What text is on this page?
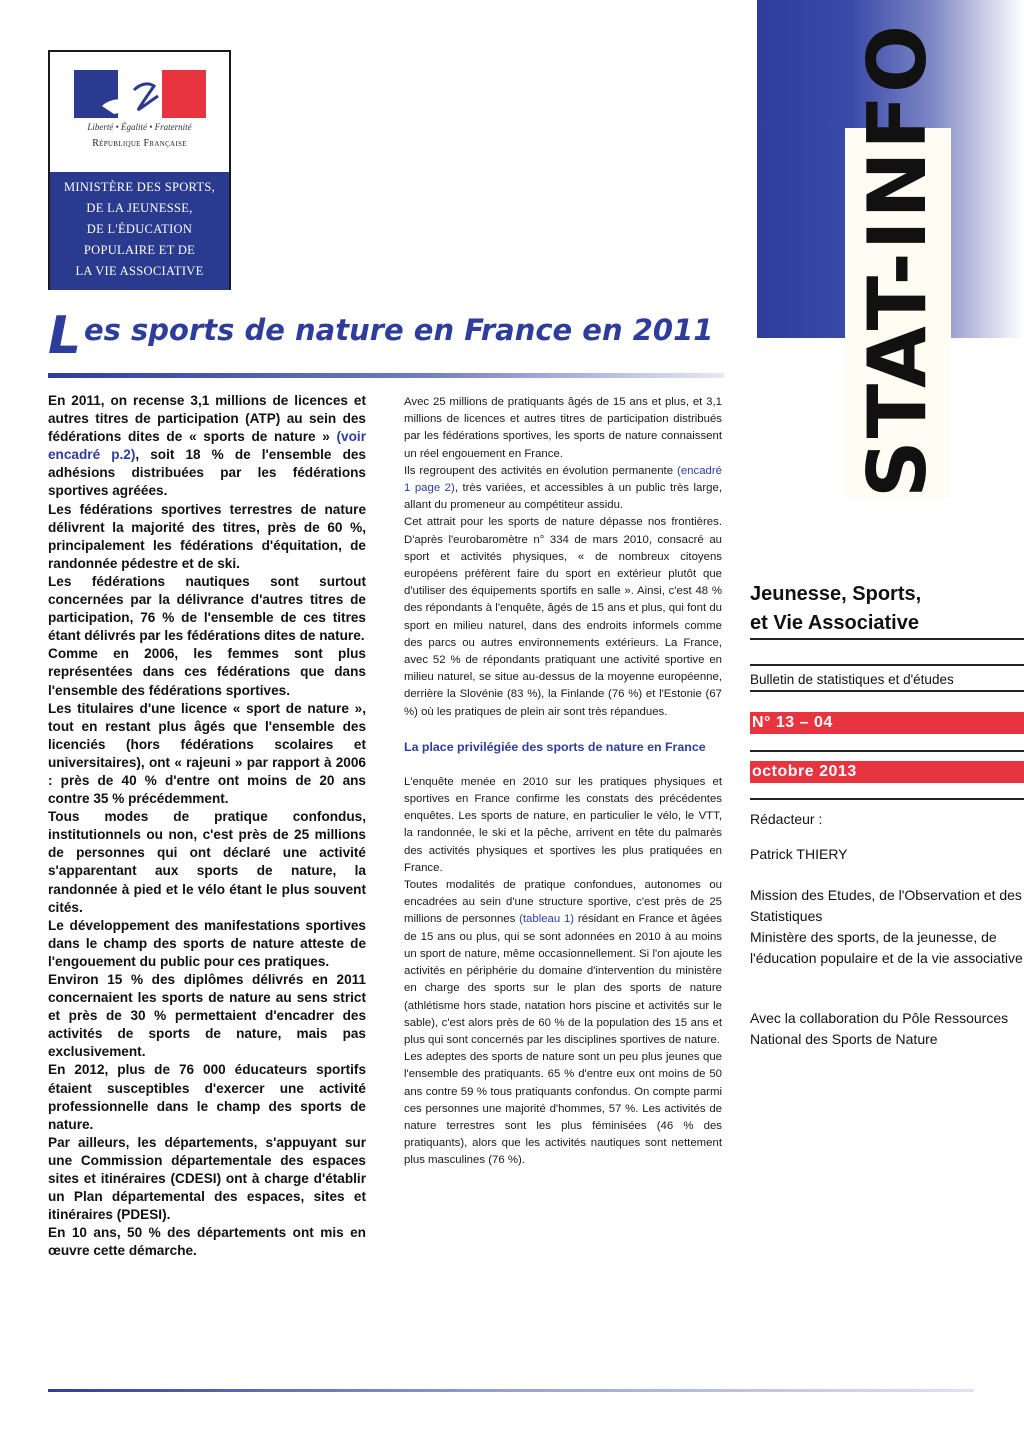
Liberté • Égalité • Fraternité
République Française
MINISTÈRE DES SPORTS,
DE LA JEUNESSE,
DE L'ÉDUCATION
POPULAIRE ET DE
LA VIE ASSOCIATIVE	STAT-INFO
L es sports de nature en France en 2011

En 2011, on recense 3,1 millions de licences et autres titres de participation (ATP) au sein des fédérations dites de « sports de nature » (voir encadré p.2), soit 18 % de l'ensemble des adhésions distribuées par les fédérations sportives agréées.

Les fédérations sportives terrestres de nature délivrent la majorité des titres, près de 60 %, principalement les fédérations d'équitation, de randonnée pédestre et de ski.

Les fédérations nautiques sont surtout concernées par la délivrance d'autres titres de participation, 76 % de l'ensemble de ces titres étant délivrés par les fédérations dites de nature.

Comme en 2006, les femmes sont plus représentées dans ces fédérations que dans l'ensemble des fédérations sportives.

Les titulaires d'une licence « sport de nature », tout en restant plus âgés que l'ensemble des licenciés (hors fédérations scolaires et universitaires), ont « rajeuni » par rapport à 2006 : près de 40 % d'entre ont moins de 20 ans contre 35 % précédemment.

Tous modes de pratique confondus, institutionnels ou non, c'est près de 25 millions de personnes qui ont déclaré une activité s'apparentant aux sports de nature, la randonnée à pied et le vélo étant le plus souvent cités.

Le développement des manifestations sportives dans le champ des sports de nature atteste de l'engouement du public pour ces pratiques.

Environ 15 % des diplômes délivrés en 2011 concernaient les sports de nature au sens strict et près de 30 % permettaient d'encadrer des activités de sports de nature, mais pas exclusivement.

En 2012, plus de 76 000 éducateurs sportifs étaient susceptibles d'exercer une activité professionnelle dans le champ des sports de nature.

Par ailleurs, les départements, s'appuyant sur une Commission départementale des espaces sites et itinéraires (CDESI) ont à charge d'établir un Plan départemental des espaces, sites et itinéraires (PDESI).

En 10 ans, 50 % des départements ont mis en œuvre cette démarche.

Avec 25 millions de pratiquants âgés de 15 ans et plus, et 3,1 millions de licences et autres titres de participation distribués par les fédérations sportives, les sports de nature connaissent un réel engouement en France.

Ils regroupent des activités en évolution permanente (encadré 1 page 2), très variées, et accessibles à un public très large, allant du promeneur au compétiteur assidu.

Cet attrait pour les sports de nature dépasse nos frontières. D'après l'eurobaromètre n° 334 de mars 2010, consacré au sport et activités physiques, « de nombreux citoyens européens préfèrent faire du sport en extérieur plutôt que d'utiliser des équipements sportifs en salle ». Ainsi, c'est 48 % des répondants à l'enquête, âgés de 15 ans et plus, qui font du sport en milieu naturel, dans des endroits informels comme des parcs ou autres environnements extérieurs. La France, avec 52 % de répondants pratiquant une activité sportive en milieu naturel, se situe au-dessus de la moyenne européenne, derrière la Slovénie (83 %), la Finlande (76 %) et l'Estonie (67 %) où les pratiques de plein air sont très répandues.

La place privilégiée des sports de nature en France

L'enquête menée en 2010 sur les pratiques physiques et sportives en France confirme les constats des précédentes enquêtes. Les sports de nature, en particulier le vélo, le VTT, la randonnée, le ski et la pêche, arrivent en tête du palmarès des activités physiques et sportives les plus pratiquées en France.

Toutes modalités de pratique confondues, autonomes ou encadrées au sein d'une structure sportive, c'est près de 25 millions de personnes (tableau 1) résidant en France et âgées de 15 ans ou plus, qui se sont adonnées en 2010 à au moins un sport de nature, même occasionnellement. Si l'on ajoute les activités en périphérie du domaine d'intervention du ministère en charge des sports sur le plan des sports de nature (athlétisme hors stade, natation hors piscine et activités sur le sable), c'est alors près de 60 % de la population des 15 ans et plus qui sont concernés par les disciplines sportives de nature.

Les adeptes des sports de nature sont un peu plus jeunes que l'ensemble des pratiquants. 65 % d'entre eux ont moins de 50 ans contre 59 % tous pratiquants confondus. On compte parmi ces personnes une majorité d'hommes, 57 %. Les activités de nature terrestres sont les plus féminisées (46 % des pratiquants), alors que les activités nautiques sont nettement plus masculines (76 %).

Jeunesse, Sports,
et Vie Associative
Bulletin de statistiques et d'études
N° 13 – 04
octobre 2013
Rédacteur :
Patrick THIERY
Mission des Etudes, de l'Observation et des Statistiques
Ministère des sports, de la jeunesse, de l'éducation populaire et de la vie associative
Avec la collaboration du Pôle Ressources National des Sports de Nature
